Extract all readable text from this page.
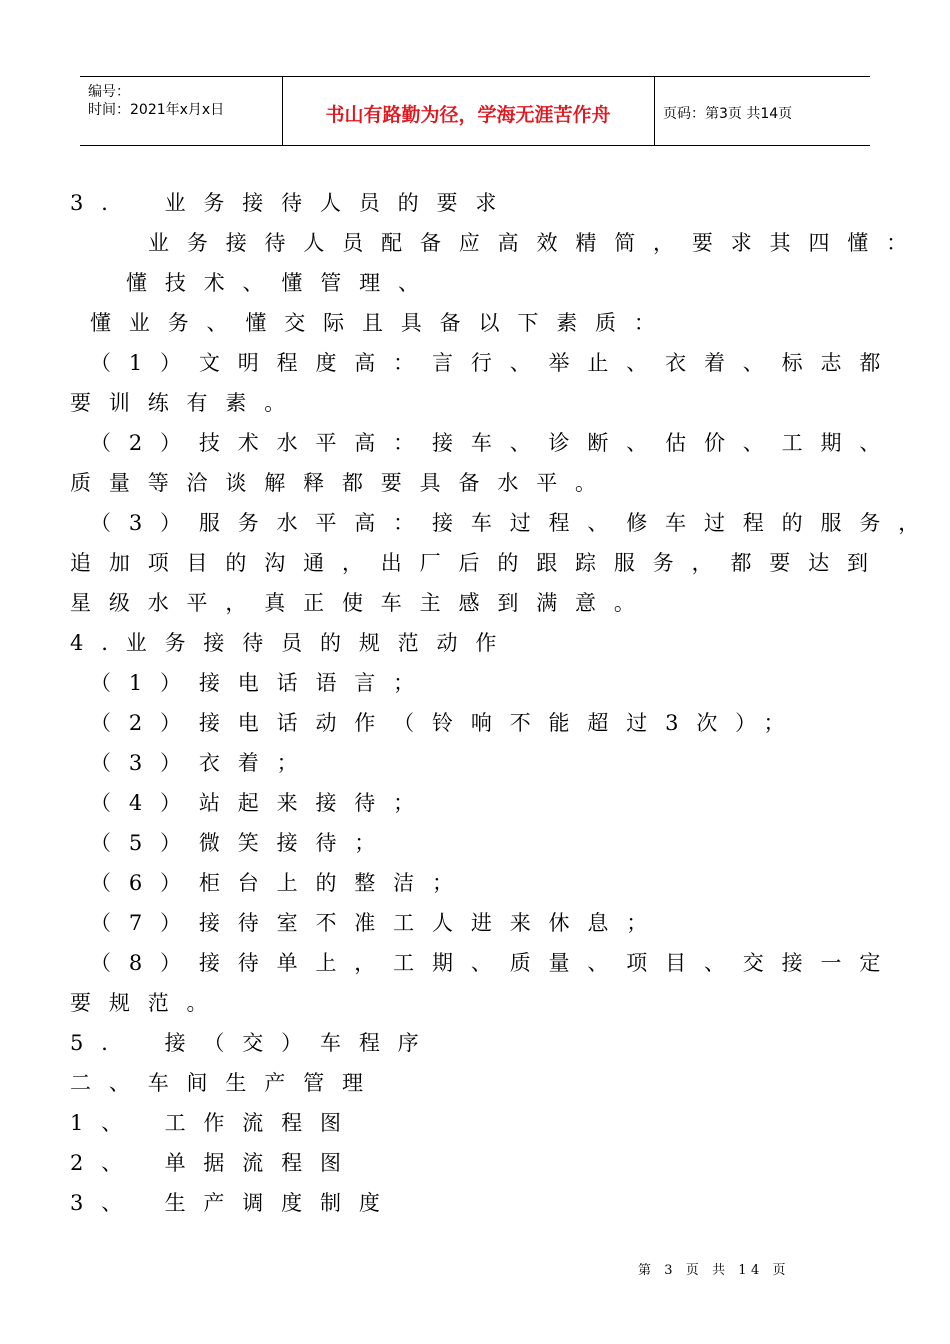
编号：
时间：2021年x月x日	书山有路勤为径，学海无涯苦作舟	页码：第3页 共14页
3． 业务接待人员的要求
业务接待人员配备应高效精简，要求其四懂：
懂技术、懂管理、
懂业务、懂交际且具备以下素质：
（1）文明程度高：言行、举止、衣着、标志都
要训练有素。
（2）技术水平高：接车、诊断、估价、工期、
质量等洽谈解释都要具备水平。
（3）服务水平高：接车过程、修车过程的服务，
追加项目的沟通，出厂后的跟踪服务，都要达到
星级水平，真正使车主感到满意。
4.业务接待员的规范动作
（1）接电话语言；
（2）接电话动作（铃响不能超过3次）；
（3）衣着；
（4）站起来接待；
（5）微笑接待；
（6）柜台上的整洁；
（7）接待室不准工人进来休息；
（8）接待单上，工期、质量、项目、交接一定
要规范。
5． 接（交）车程序
二、车间生产管理
1、 工作流程图
2、 单据流程图
3、 生产调度制度
第 3 页 共 14 页
